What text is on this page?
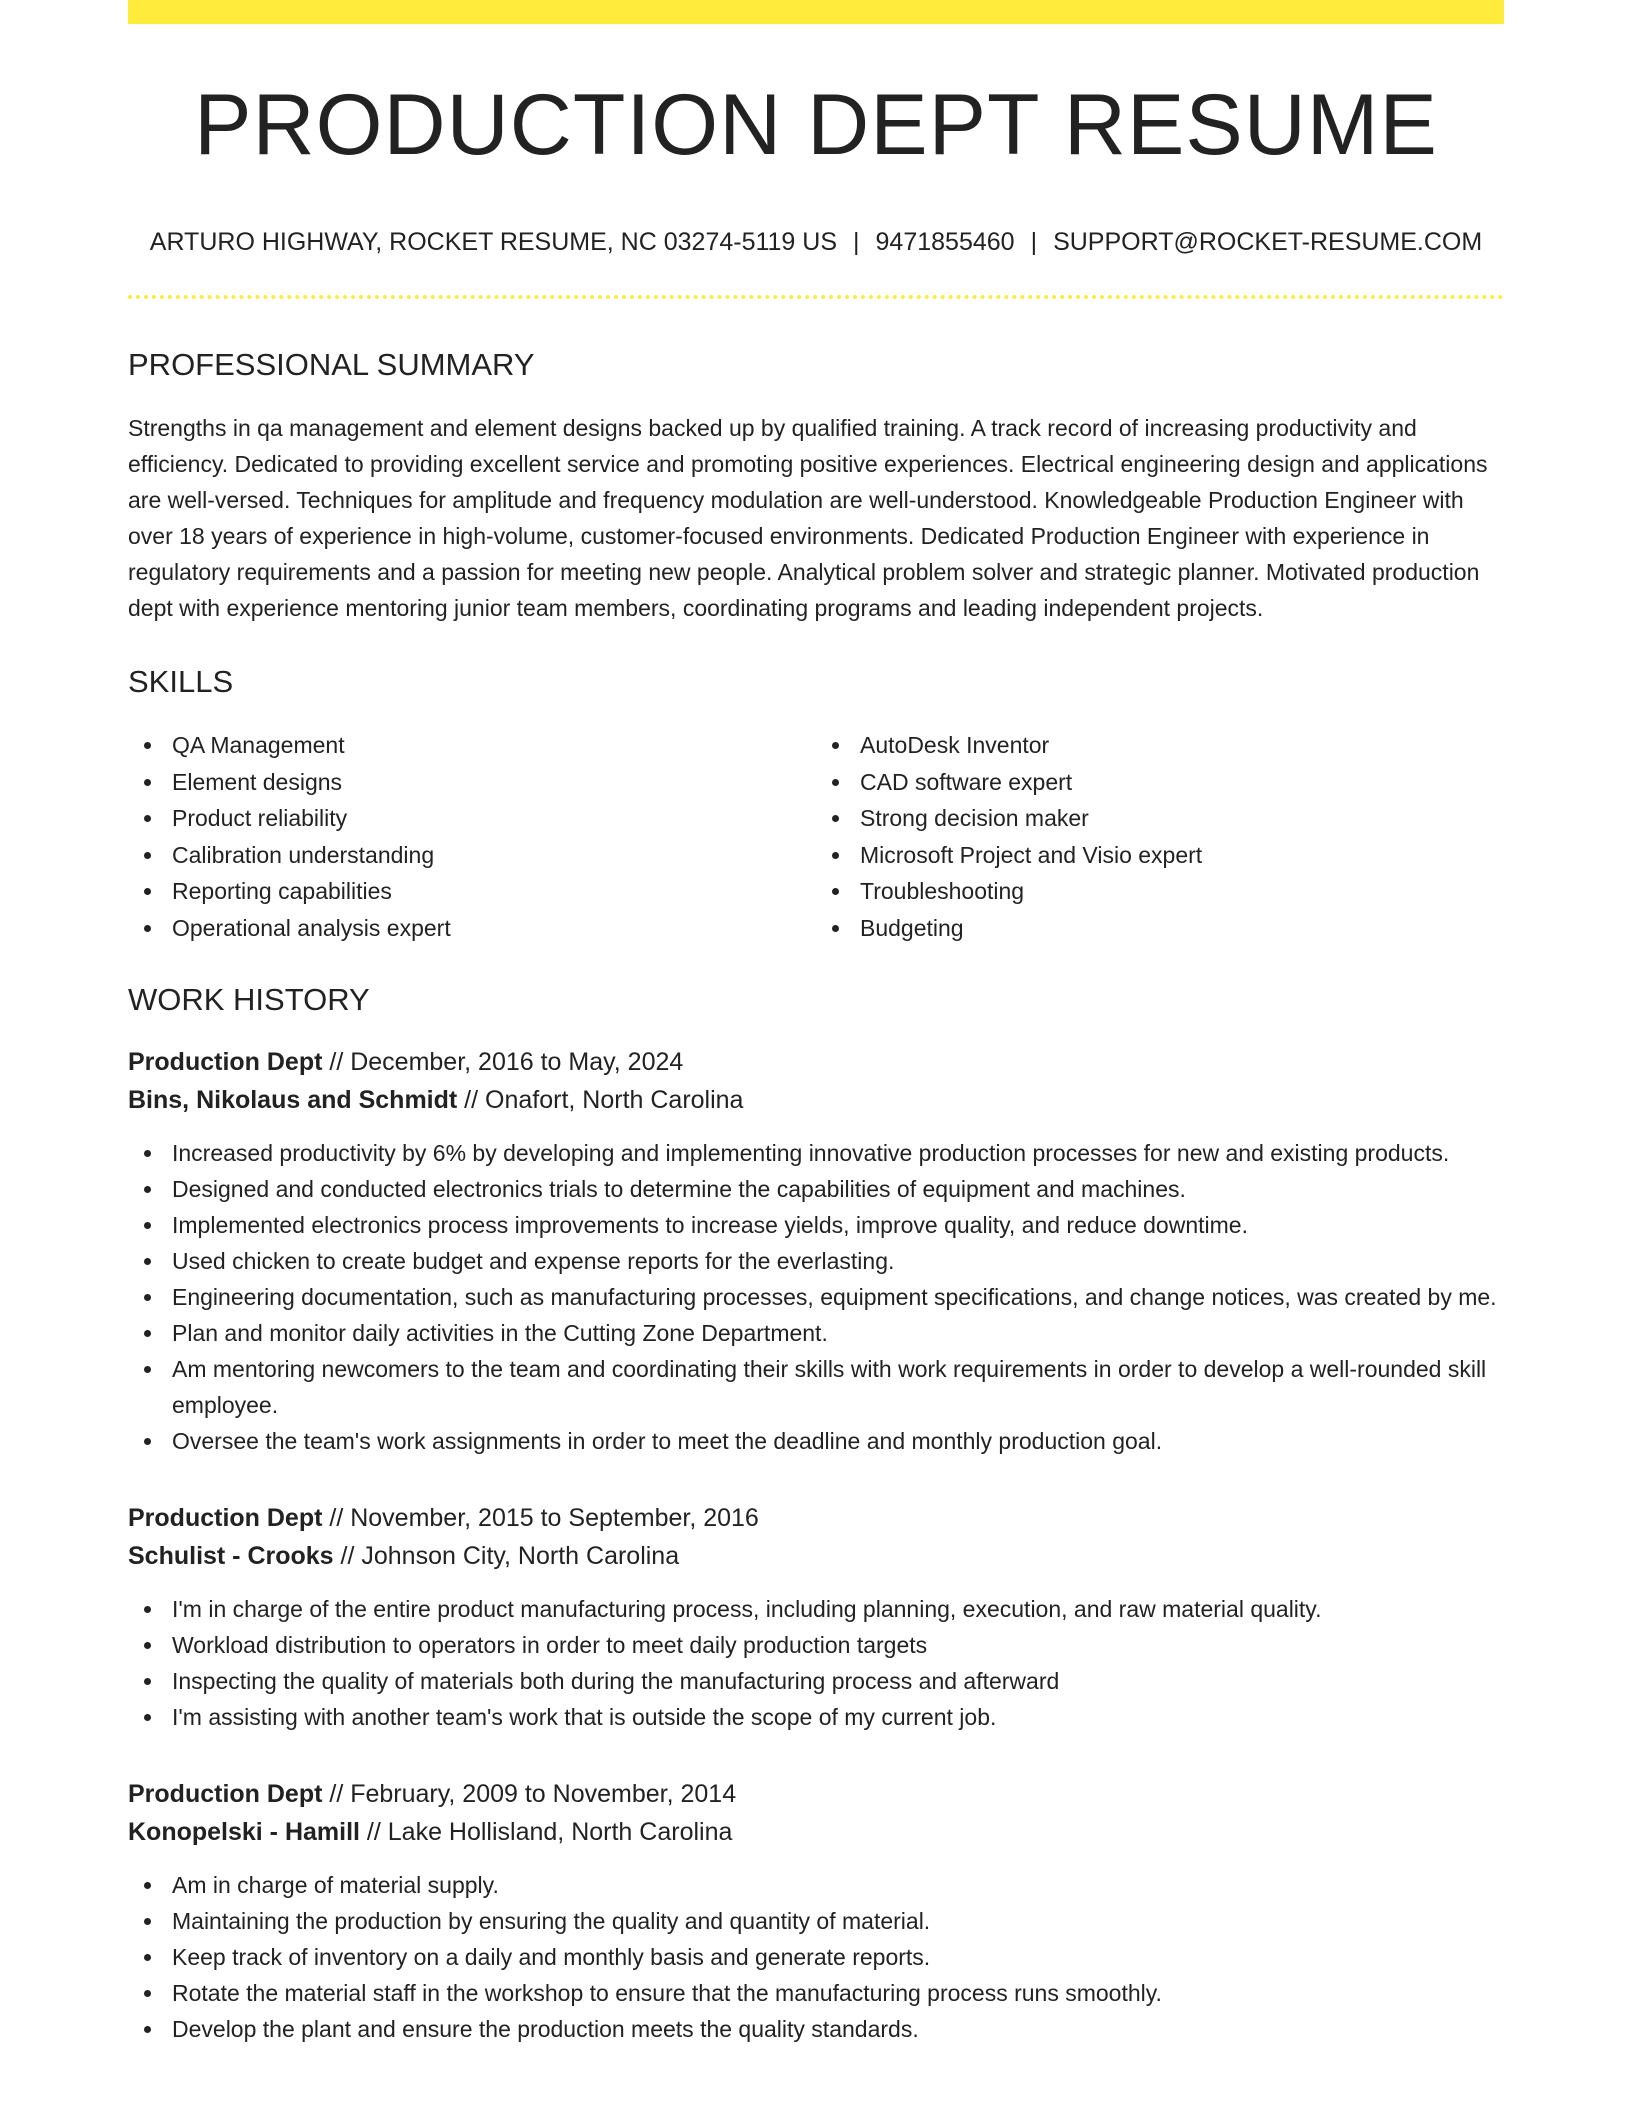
PRODUCTION DEPT RESUME
ARTURO HIGHWAY, ROCKET RESUME, NC 03274-5119 US | 9471855460 | SUPPORT@ROCKET-RESUME.COM
PROFESSIONAL SUMMARY

Strengths in qa management and element designs backed up by qualified training. A track record of increasing productivity and efficiency. Dedicated to providing excellent service and promoting positive experiences. Electrical engineering design and applications are well-versed. Techniques for amplitude and frequency modulation are well-understood. Knowledgeable Production Engineer with over 18 years of experience in high-volume, customer-focused environments. Dedicated Production Engineer with experience in regulatory requirements and a passion for meeting new people. Analytical problem solver and strategic planner. Motivated production dept with experience mentoring junior team members, coordinating programs and leading independent projects.

SKILLS
QA Management
Element designs
Product reliability
Calibration understanding
Reporting capabilities
Operational analysis expert
AutoDesk Inventor
CAD software expert
Strong decision maker
Microsoft Project and Visio expert
Troubleshooting
Budgeting
WORK HISTORY
Production Dept // December, 2016 to May, 2024
Bins, Nikolaus and Schmidt // Onafort, North Carolina
Increased productivity by 6% by developing and implementing innovative production processes for new and existing products.
Designed and conducted electronics trials to determine the capabilities of equipment and machines.
Implemented electronics process improvements to increase yields, improve quality, and reduce downtime.
Used chicken to create budget and expense reports for the everlasting.
Engineering documentation, such as manufacturing processes, equipment specifications, and change notices, was created by me.
Plan and monitor daily activities in the Cutting Zone Department.
Am mentoring newcomers to the team and coordinating their skills with work requirements in order to develop a well-rounded skill employee.
Oversee the team's work assignments in order to meet the deadline and monthly production goal.
Production Dept // November, 2015 to September, 2016
Schulist - Crooks // Johnson City, North Carolina
I'm in charge of the entire product manufacturing process, including planning, execution, and raw material quality.
Workload distribution to operators in order to meet daily production targets
Inspecting the quality of materials both during the manufacturing process and afterward
I'm assisting with another team's work that is outside the scope of my current job.
Production Dept // February, 2009 to November, 2014
Konopelski - Hamill // Lake Hollisland, North Carolina
Am in charge of material supply.
Maintaining the production by ensuring the quality and quantity of material.
Keep track of inventory on a daily and monthly basis and generate reports.
Rotate the material staff in the workshop to ensure that the manufacturing process runs smoothly.
Develop the plant and ensure the production meets the quality standards.
